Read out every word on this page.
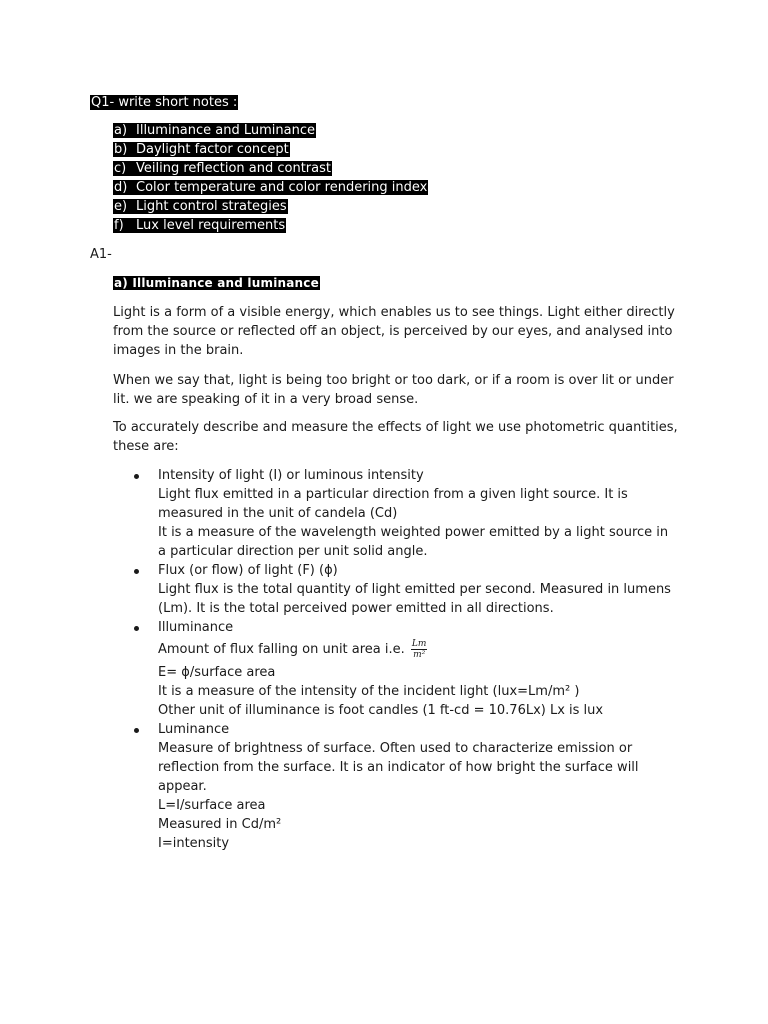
Q1- write short notes :
a) Illuminance and Luminance
b) Daylight factor concept
c) Veiling reflection and contrast
d) Color temperature and color rendering index
e) Light control strategies
f) Lux level requirements
A1-
a) Illuminance and luminance

Light is a form of a visible energy, which enables us to see things. Light either directly from the source or reflected off an object, is perceived by our eyes, and analysed into images in the brain.

When we say that, light is being too bright or too dark, or if a room is over lit or under lit. we are speaking of it in a very broad sense.

To accurately describe and measure the effects of light we use photometric quantities, these are:

Intensity of light (I) or luminous intensity
Light flux emitted in a particular direction from a given light source. It is measured in the unit of candela (Cd)
It is a measure of the wavelength weighted power emitted by a light source in a particular direction per unit solid angle.
Flux (or flow) of light (F) (ϕ)
Light flux is the total quantity of light emitted per second. Measured in lumens (Lm). It is the total perceived power emitted in all directions.
Illuminance
Amount of flux falling on unit area i.e. $\frac{Lm}{\text{m²}}$
E= ϕ/surface area
It is a measure of the intensity of the incident light (lux=Lm/m² )
Other unit of illuminance is foot candles (1 ft-cd = 10.76Lx) Lx is lux
Luminance
Measure of brightness of surface. Often used to characterize emission or reflection from the surface. It is an indicator of how bright the surface will appear.
L=I/surface area
Measured in Cd/m²
I=intensity
